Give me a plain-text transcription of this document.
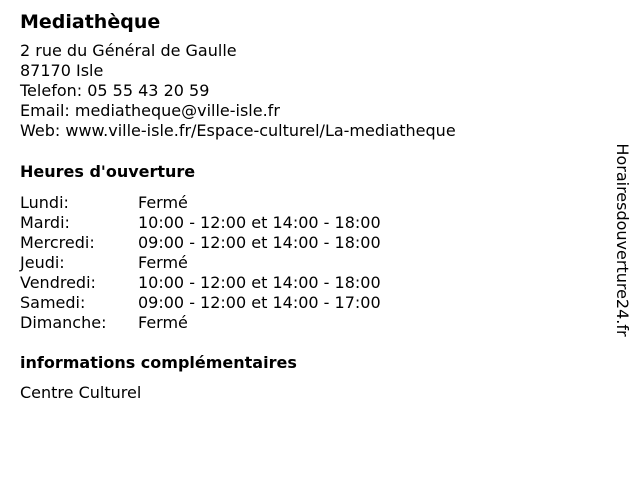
Mediathèque
2 rue du Général de Gaulle
87170 Isle
Telefon: 05 55 43 20 59
Email: mediatheque@ville-isle.fr
Web: www.ville-isle.fr/Espace-culturel/La-mediatheque
Heures d'ouverture
Lundi:	Fermé
Mardi:	10:00 - 12:00 et 14:00 - 18:00
Mercredi:	09:00 - 12:00 et 14:00 - 18:00
Jeudi:	Fermé
Vendredi:	10:00 - 12:00 et 14:00 - 18:00
Samedi:	09:00 - 12:00 et 14:00 - 17:00
Dimanche:	Fermé
informations complémentaires
Centre Culturel
Horairesdouverture24.fr
